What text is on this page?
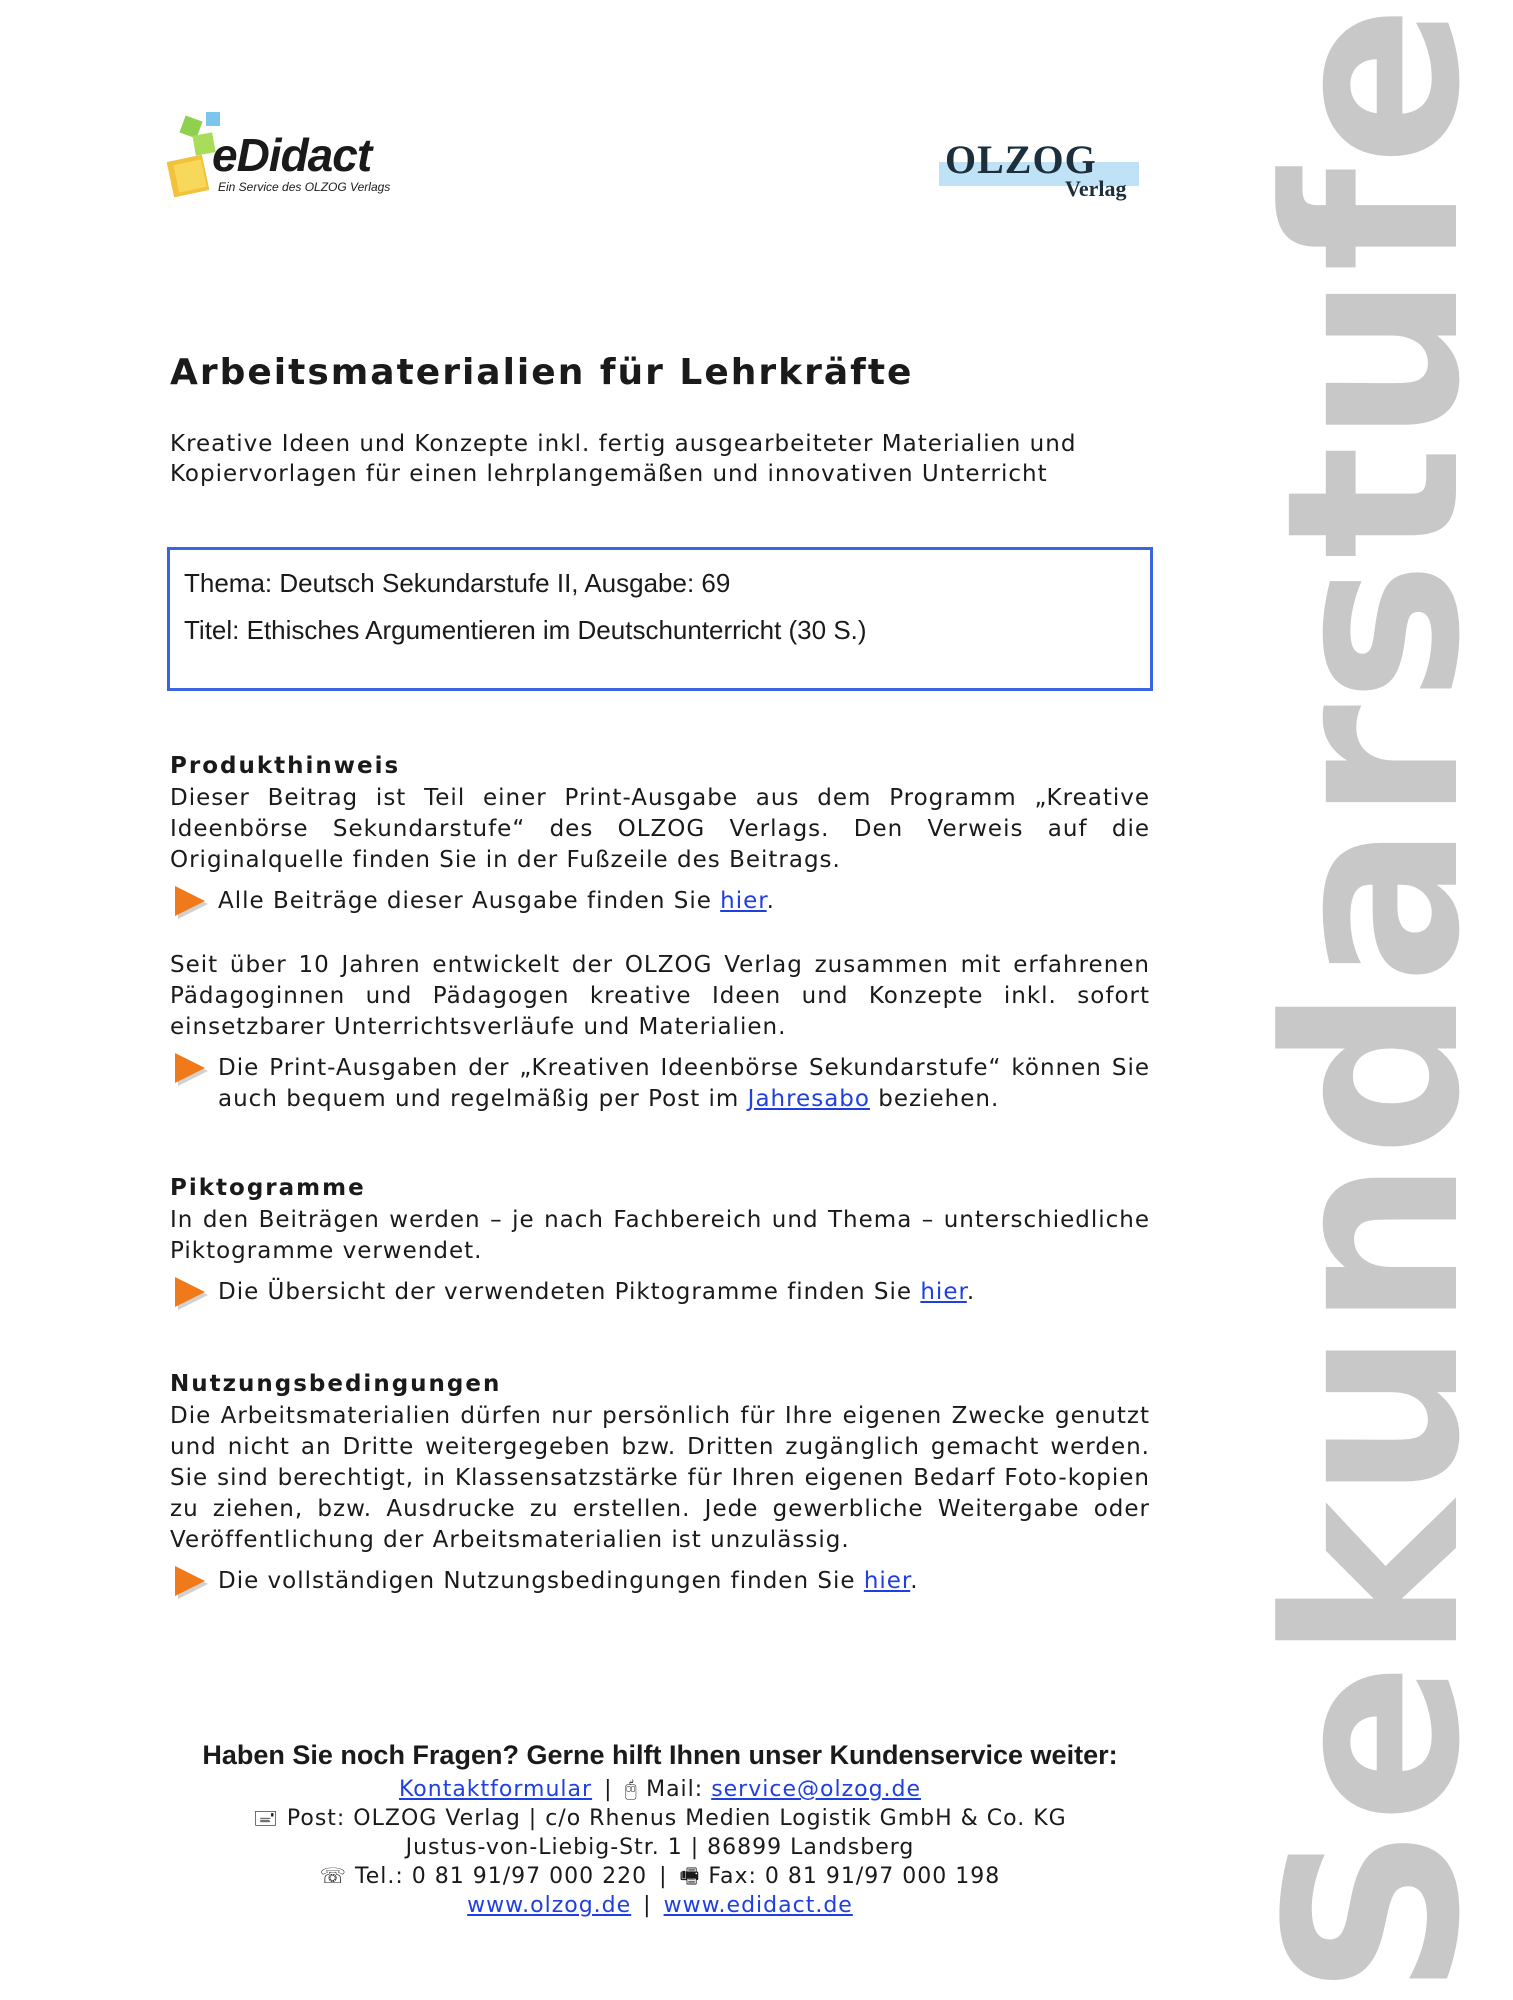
eDidact
Ein Service des OLZOG Verlags
OLZOG
Verlag Sekundarstufe
Arbeitsmaterialien für Lehrkräfte

Kreative Ideen und Konzepte inkl. fertig ausgearbeiteter Materialien und Kopiervorlagen für einen lehrplangemäßen und innovativen Unterricht

Thema: Deutsch Sekundarstufe II, Ausgabe: 69

Titel: Ethisches Argumentieren im Deutschunterricht (30 S.)

Produkthinweis

Dieser Beitrag ist Teil einer Print-Ausgabe aus dem Programm „Kreative Ideenbörse Sekundarstufe“ des OLZOG Verlags. Den Verweis auf die Originalquelle finden Sie in der Fußzeile des Beitrags.

Alle Beiträge dieser Ausgabe finden Sie hier.

Seit über 10 Jahren entwickelt der OLZOG Verlag zusammen mit erfahrenen Pädagoginnen und Pädagogen kreative Ideen und Konzepte inkl. sofort einsetzbarer Unterrichtsverläufe und Materialien.

Die Print-Ausgaben der „Kreativen Ideenbörse Sekundarstufe“ können Sie auch bequem und regelmäßig per Post im Jahresabo beziehen.
Piktogramme

In den Beiträgen werden – je nach Fachbereich und Thema – unterschiedliche Piktogramme verwendet.

Die Übersicht der verwendeten Piktogramme finden Sie hier.
Nutzungsbedingungen

Die Arbeitsmaterialien dürfen nur persönlich für Ihre eigenen Zwecke genutzt und nicht an Dritte weitergegeben bzw. Dritten zugänglich gemacht werden. Sie sind berechtigt, in Klassensatzstärke für Ihren eigenen Bedarf Foto-kopien zu ziehen, bzw. Ausdrucke zu erstellen. Jede gewerbliche Weitergabe oder Veröffentlichung der Arbeitsmaterialien ist unzulässig.

Die vollständigen Nutzungsbedingungen finden Sie hier.
Haben Sie noch Fragen? Gerne hilft Ihnen unser Kundenservice weiter:

Kontaktformular | 🖰 Mail: service@olzog.de

🖃 Post: OLZOG Verlag | c/o Rhenus Medien Logistik GmbH & Co. KG

Justus-von-Liebig-Str. 1 | 86899 Landsberg

☏ Tel.: 0 81 91/97 000 220 | 🖷 Fax: 0 81 91/97 000 198

www.olzog.de | www.edidact.de
